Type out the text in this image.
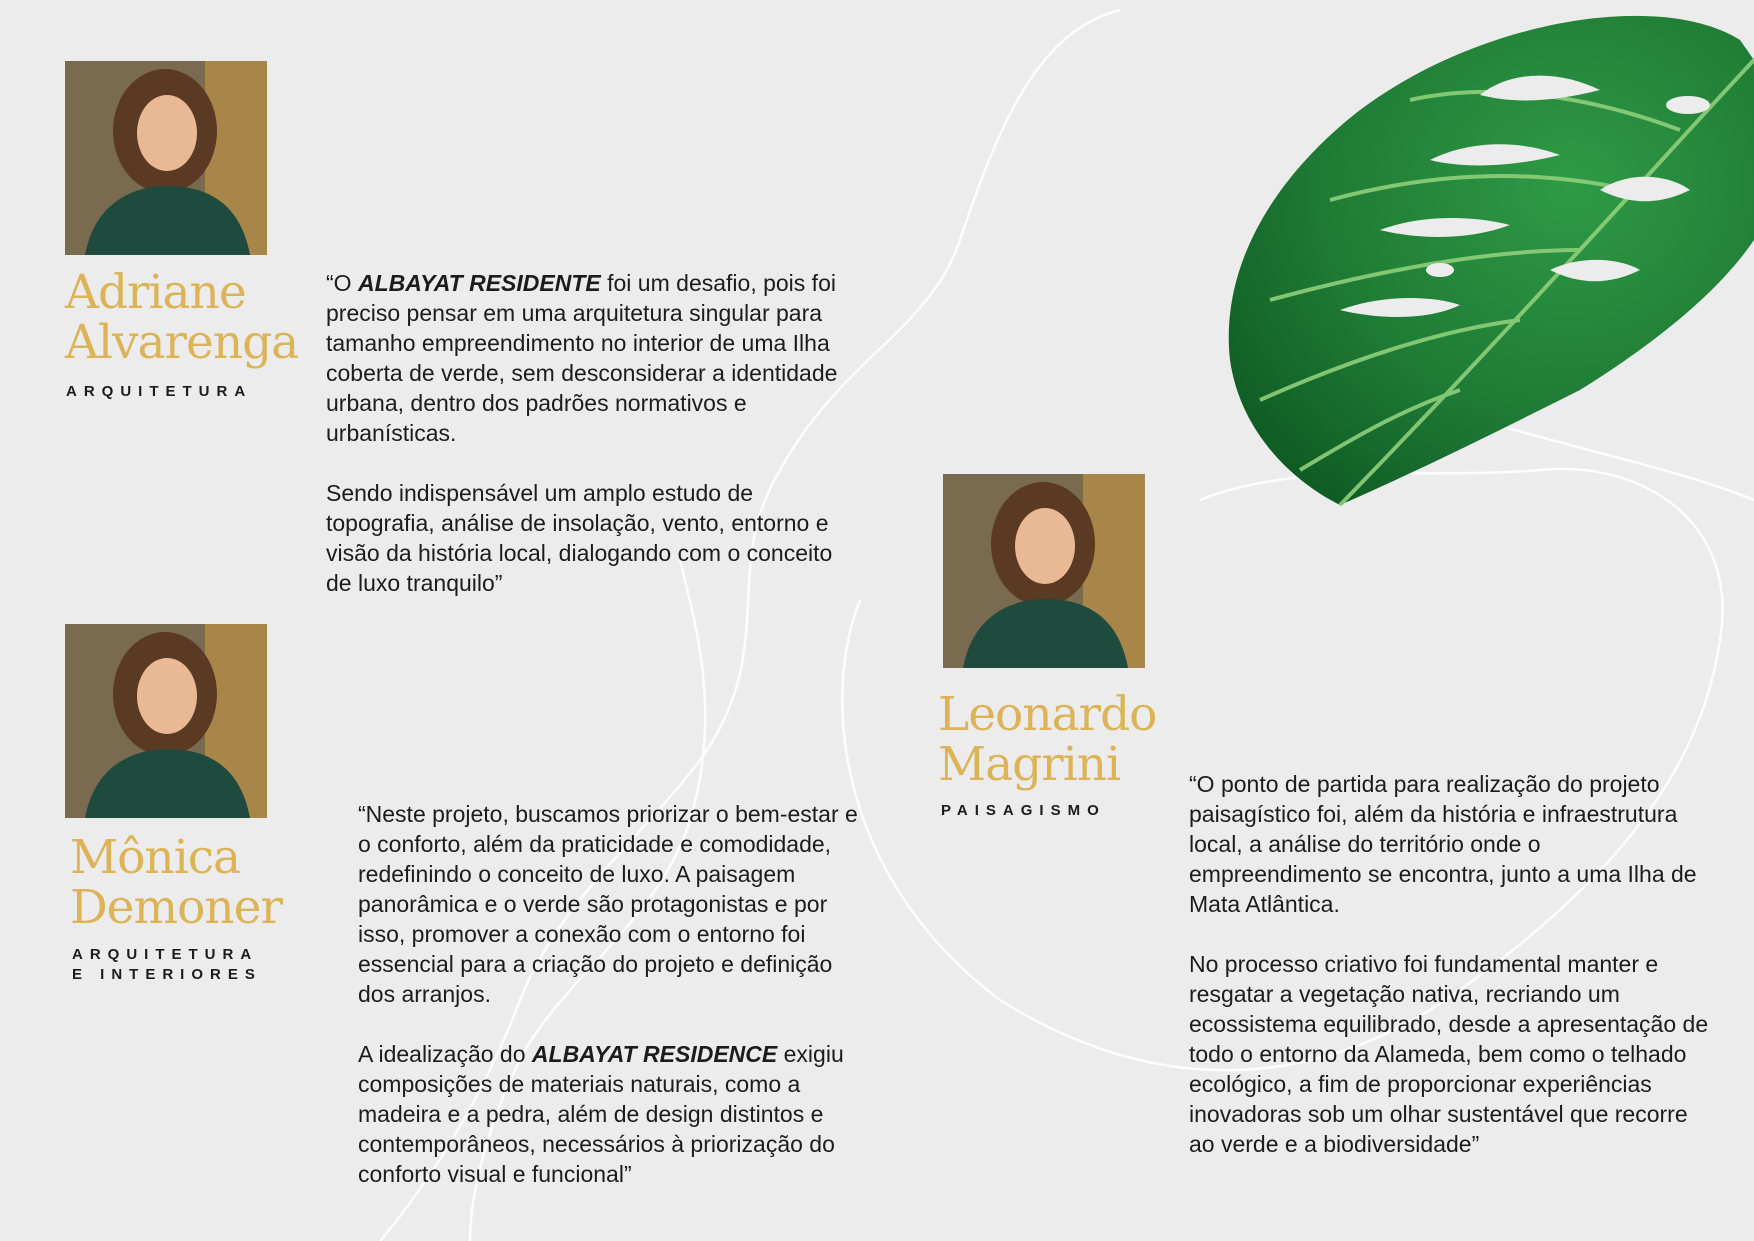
Adriane
Alvarenga
ARQUITETURA

“O ALBAYAT RESIDENTE foi um desafio, pois foi preciso pensar em uma arquitetura singular para tamanho empreendimento no interior de uma Ilha coberta de verde, sem desconsiderar a identidade urbana, dentro dos padrões normativos e urbanísticas.

Sendo indispensável um amplo estudo de topografia, análise de insolação, vento, entorno e visão da história local, dialogando com o conceito de luxo tranquilo”

Mônica
Demoner
ARQUITETURA
E INTERIORES

“Neste projeto, buscamos priorizar o bem-estar e o conforto, além da praticidade e comodidade, redefinindo o conceito de luxo. A paisagem panorâmica e o verde são protagonistas e por isso, promover a conexão com o entorno foi essencial para a criação do projeto e definição dos arranjos.

A idealização do ALBAYAT RESIDENCE exigiu composições de materiais naturais, como a madeira e a pedra, além de design distintos e contemporâneos, necessários à priorização do conforto visual e funcional”

Leonardo
Magrini
PAISAGISMO

“O ponto de partida para realização do projeto paisagístico foi, além da história e infraestrutura local, a análise do território onde o empreendimento se encontra, junto a uma Ilha de Mata Atlântica.

No processo criativo foi fundamental manter e resgatar a vegetação nativa, recriando um ecossistema equilibrado, desde a apresentação de todo o entorno da Alameda, bem como o telhado ecológico, a fim de proporcionar experiências inovadoras sob um olhar sustentável que recorre ao verde e a biodiversidade”
